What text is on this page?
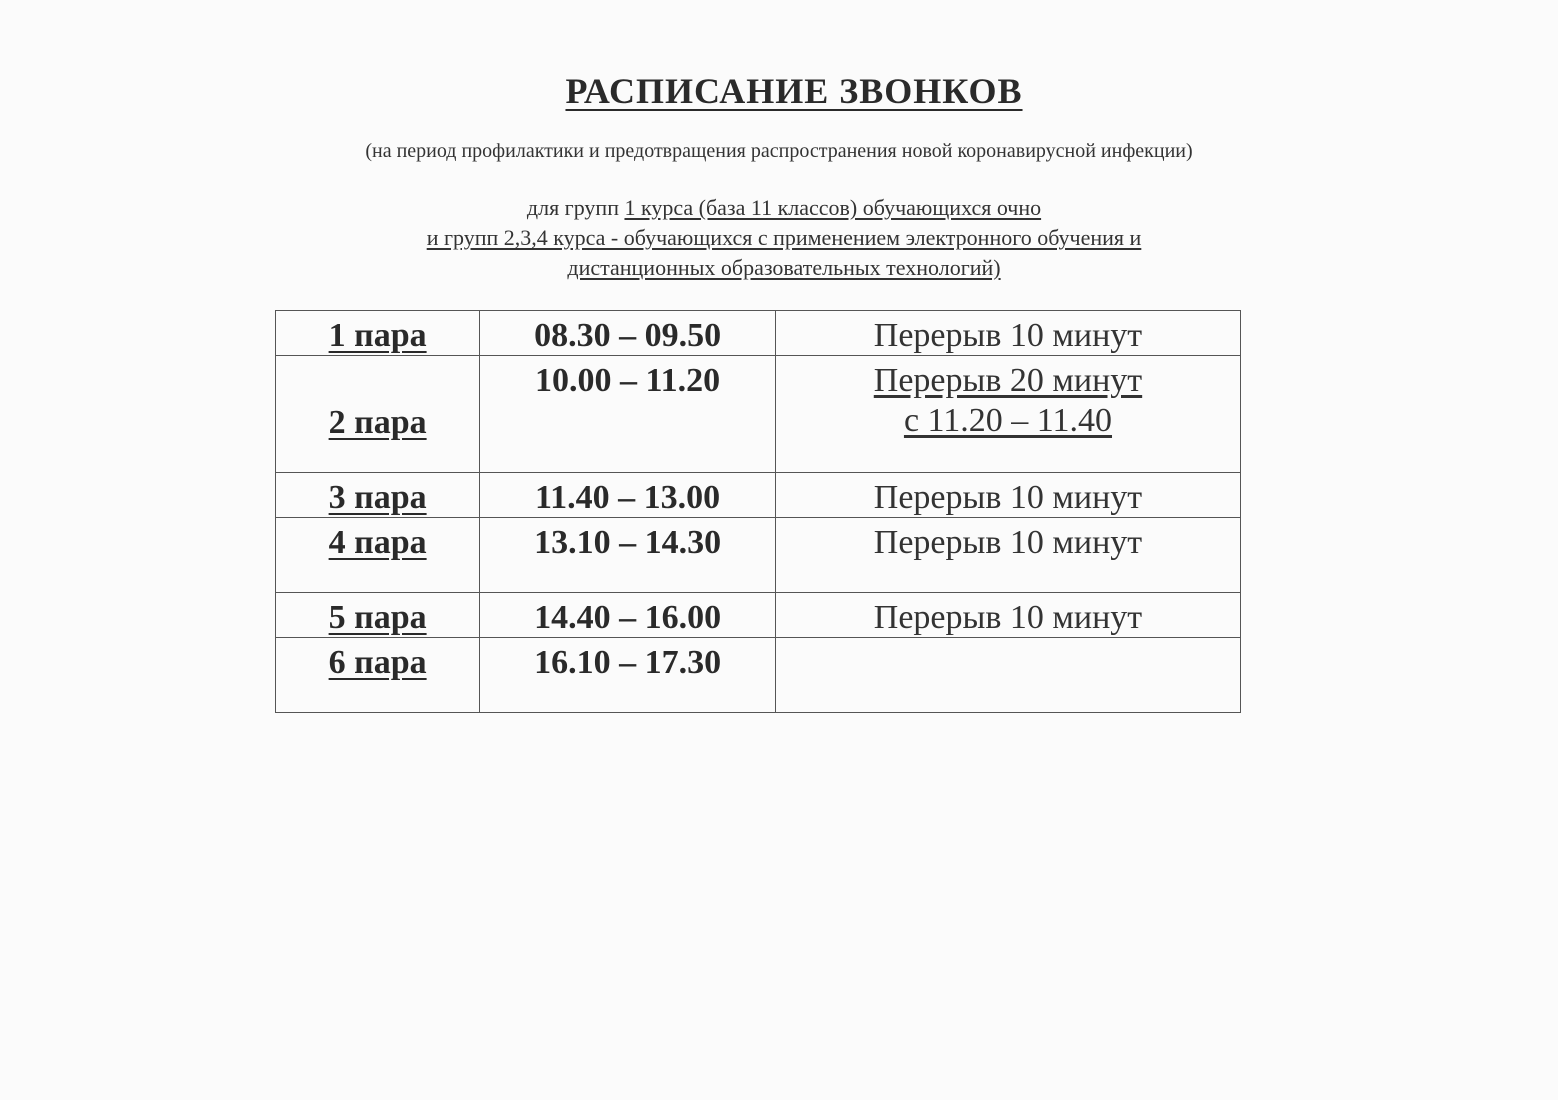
РАСПИСАНИЕ ЗВОНКОВ
(на период профилактики и предотвращения распространения новой коронавирусной инфекции)
для групп 1 курса (база 11 классов) обучающихся очно
и групп 2,3,4 курса - обучающихся с применением электронного обучения и
дистанционных образовательных технологий)
1 пара	08.30 – 09.50	Перерыв 10 минут

2 пара	10.00 – 11.20	Перерыв 20 минут
с 11.20 – 11.40

3 пара	11.40 – 13.00	Перерыв 10 минут

4 пара	13.10 – 14.30	Перерыв 10 минут

5 пара	14.40 – 16.00	Перерыв 10 минут

6 пара	16.10 – 17.30	
